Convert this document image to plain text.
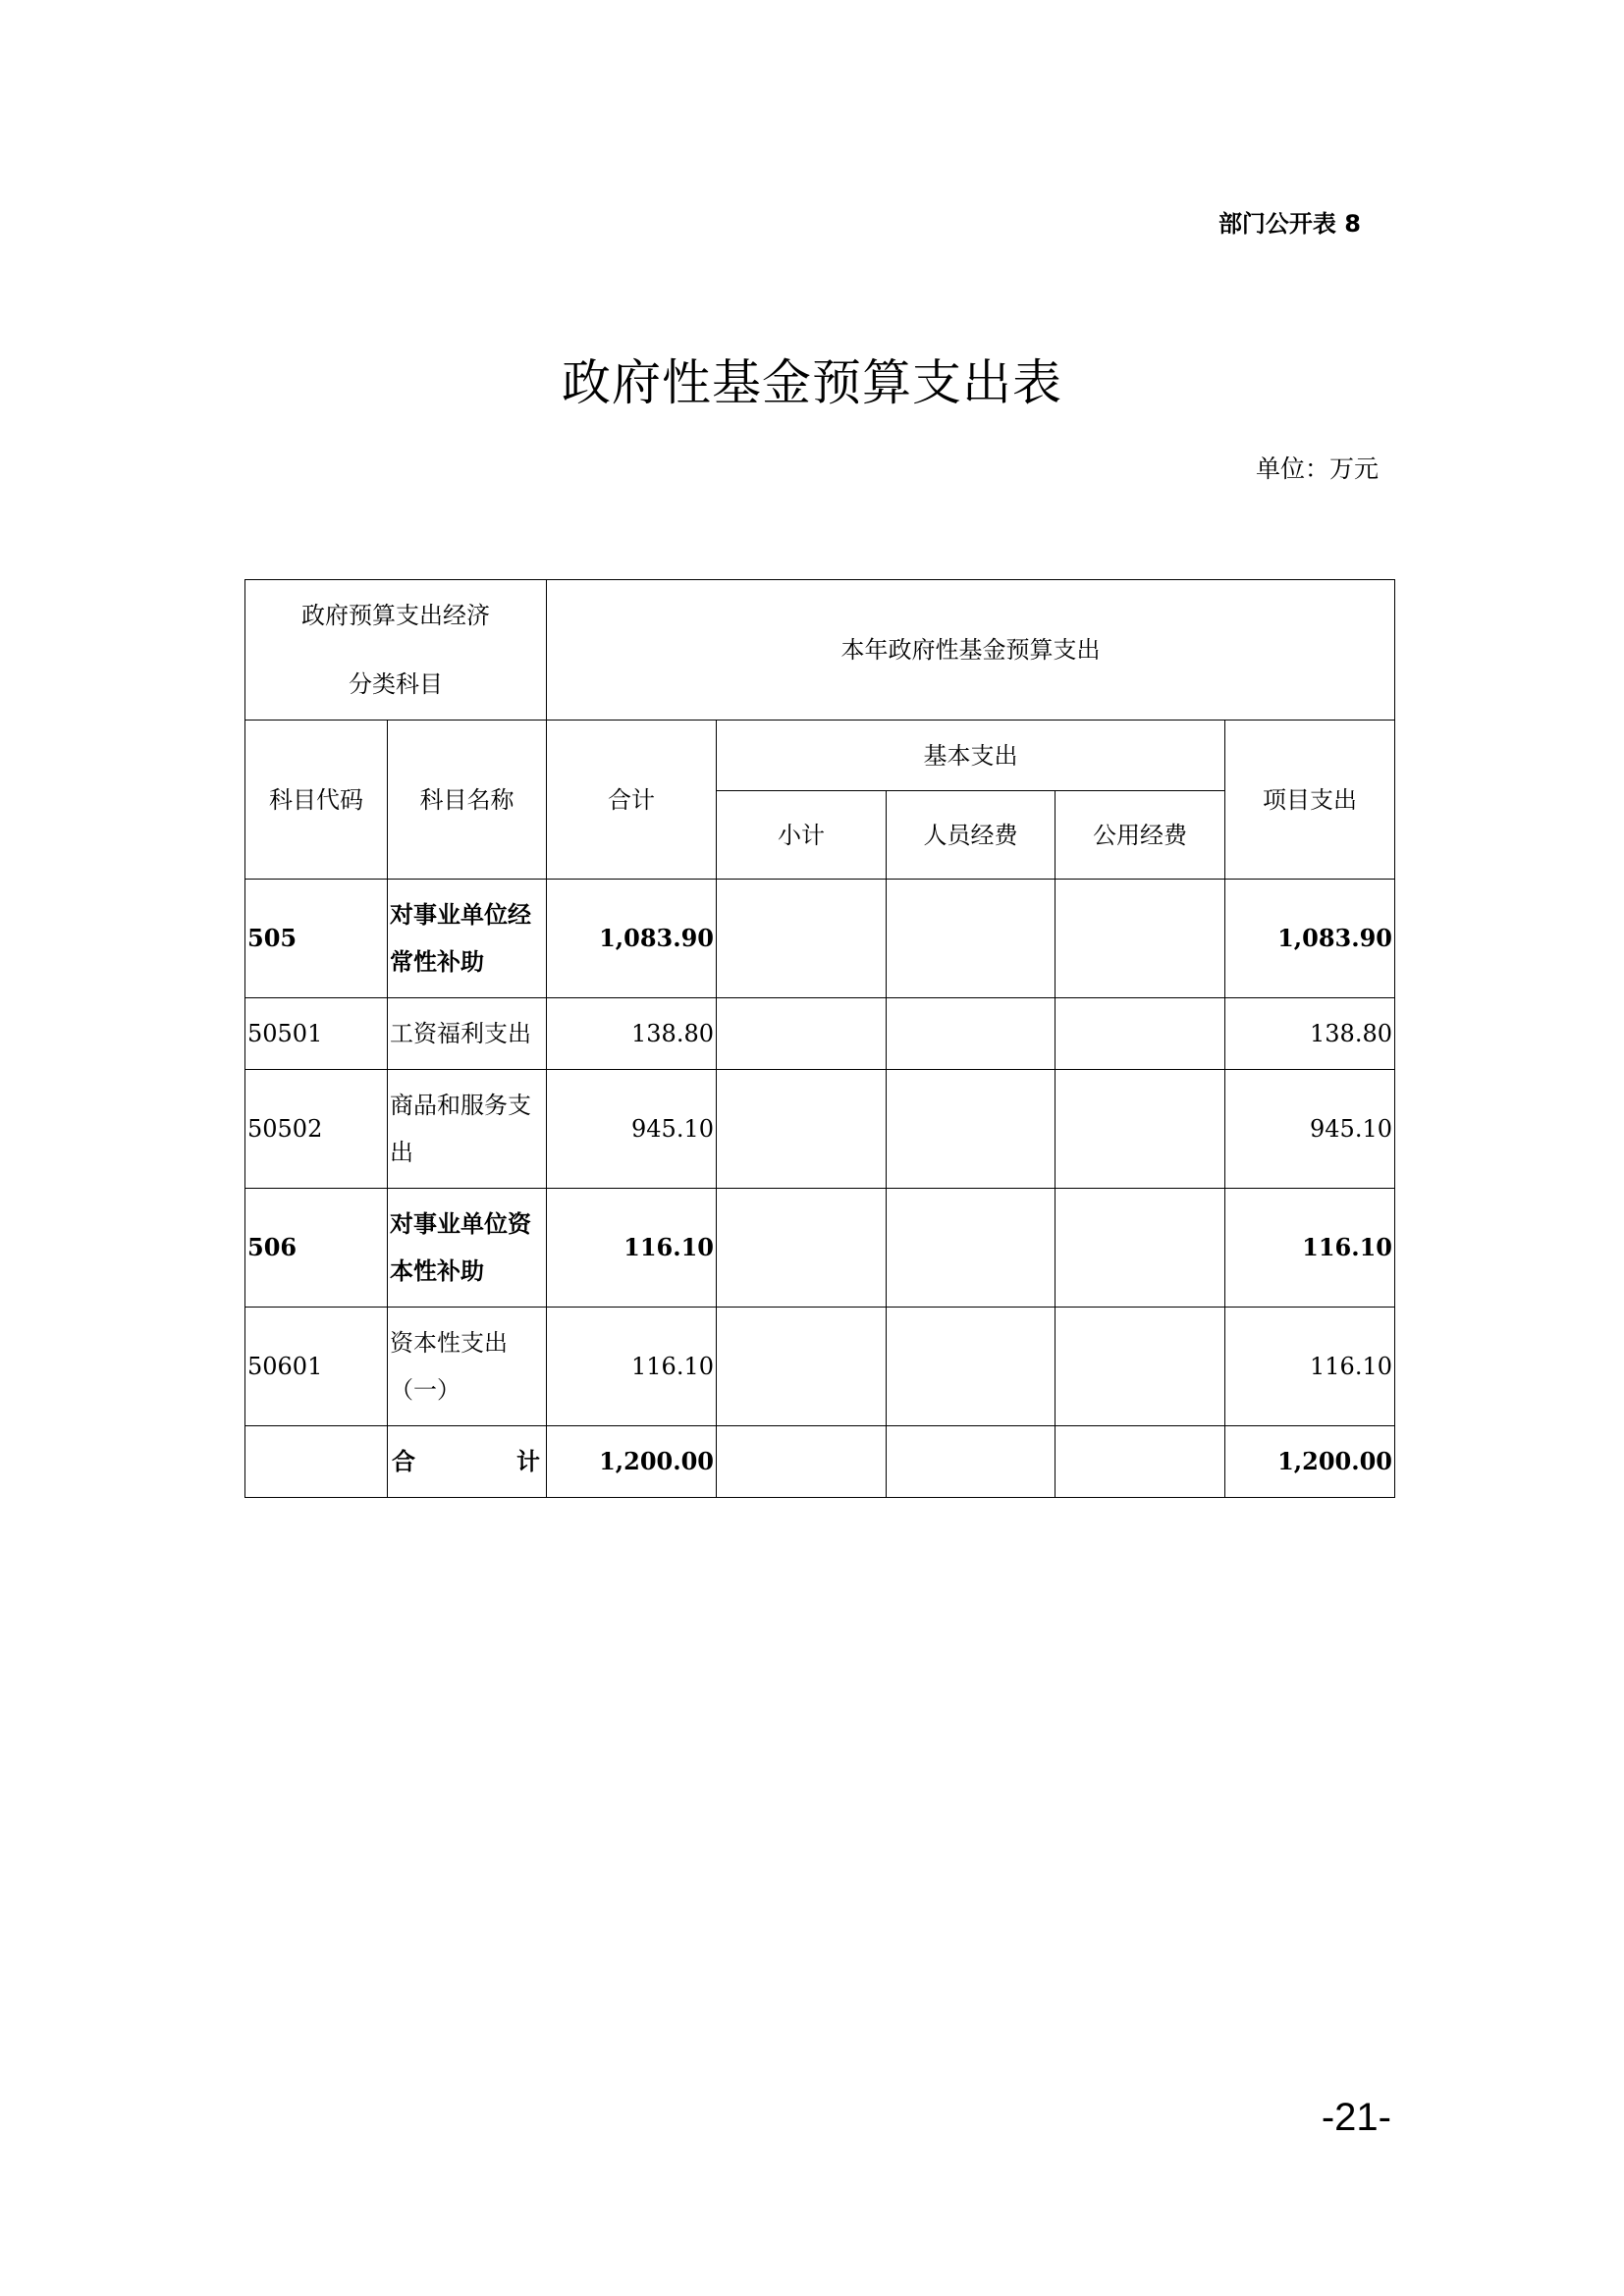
部门公开表 8
政府性基金预算支出表
单位：万元
政府预算支出经济
分类科目		本年政府性基金预算支出				
科目代码	科目名称	合计	基本支出			项目支出
			小计	人员经费	公用经费	
505	对事业单位经常性补助	1,083.90				1,083.90
50501	工资福利支出	138.80				138.80
50502	商品和服务支出	945.10				945.10
506	对事业单位资本性补助	116.10				116.10
50601	资本性支出（一）	116.10				116.10

	合 计	1,200.00				1,200.00
-21-
